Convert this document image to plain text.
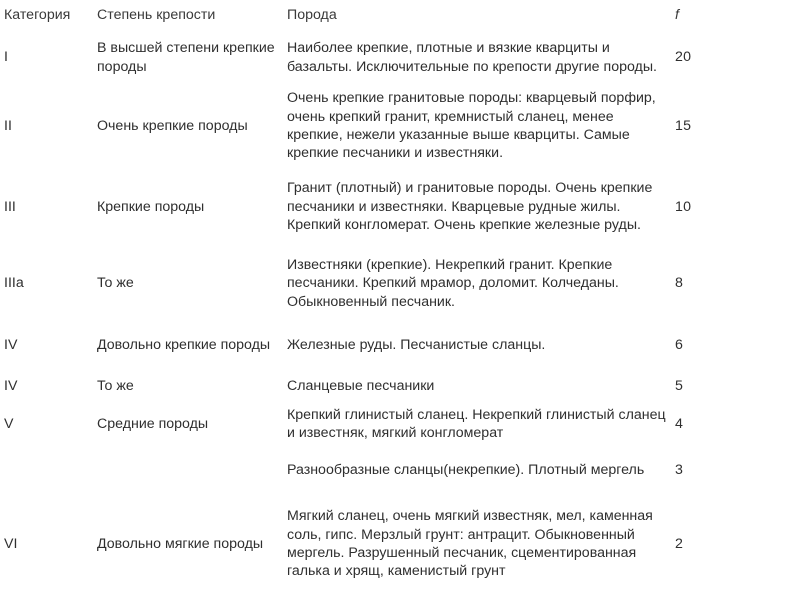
Категория	Степень крепости	Порода	f
I	В высшей степени крепкие породы	Наиболее крепкие, плотные и вязкие кварциты и базальты. Исключительные по крепости другие породы.	20
II	Очень крепкие породы	Очень крепкие гранитовые породы: кварцевый порфир, очень крепкий гранит, кремнистый сланец, менее крепкие, нежели указанные выше кварциты. Самые крепкие песчаники и известняки.	15
III	Крепкие породы	Гранит (плотный) и гранитовые породы. Очень крепкие песчаники и известняки. Кварцевые рудные жилы. Крепкий конгломерат. Очень крепкие железные руды.	10
IIIa	То же	Известняки (крепкие). Некрепкий гранит. Крепкие песчаники. Крепкий мрамор, доломит. Колчеданы. Обыкновенный песчаник.	8
IV	Довольно крепкие породы	Железные руды. Песчанистые сланцы.	6
IV	То же	Сланцевые песчаники	5
V	Средние породы	Крепкий глинистый сланец. Некрепкий глинистый сланец и известняк, мягкий конгломерат	4
		Разнообразные сланцы(некрепкие). Плотный мергель	3
VI	Довольно мягкие породы	Мягкий сланец, очень мягкий известняк, мел, каменная соль, гипс. Мерзлый грунт: антрацит. Обыкновенный мергель. Разрушенный песчаник, сцементированная галька и хрящ, каменистый грунт	2
